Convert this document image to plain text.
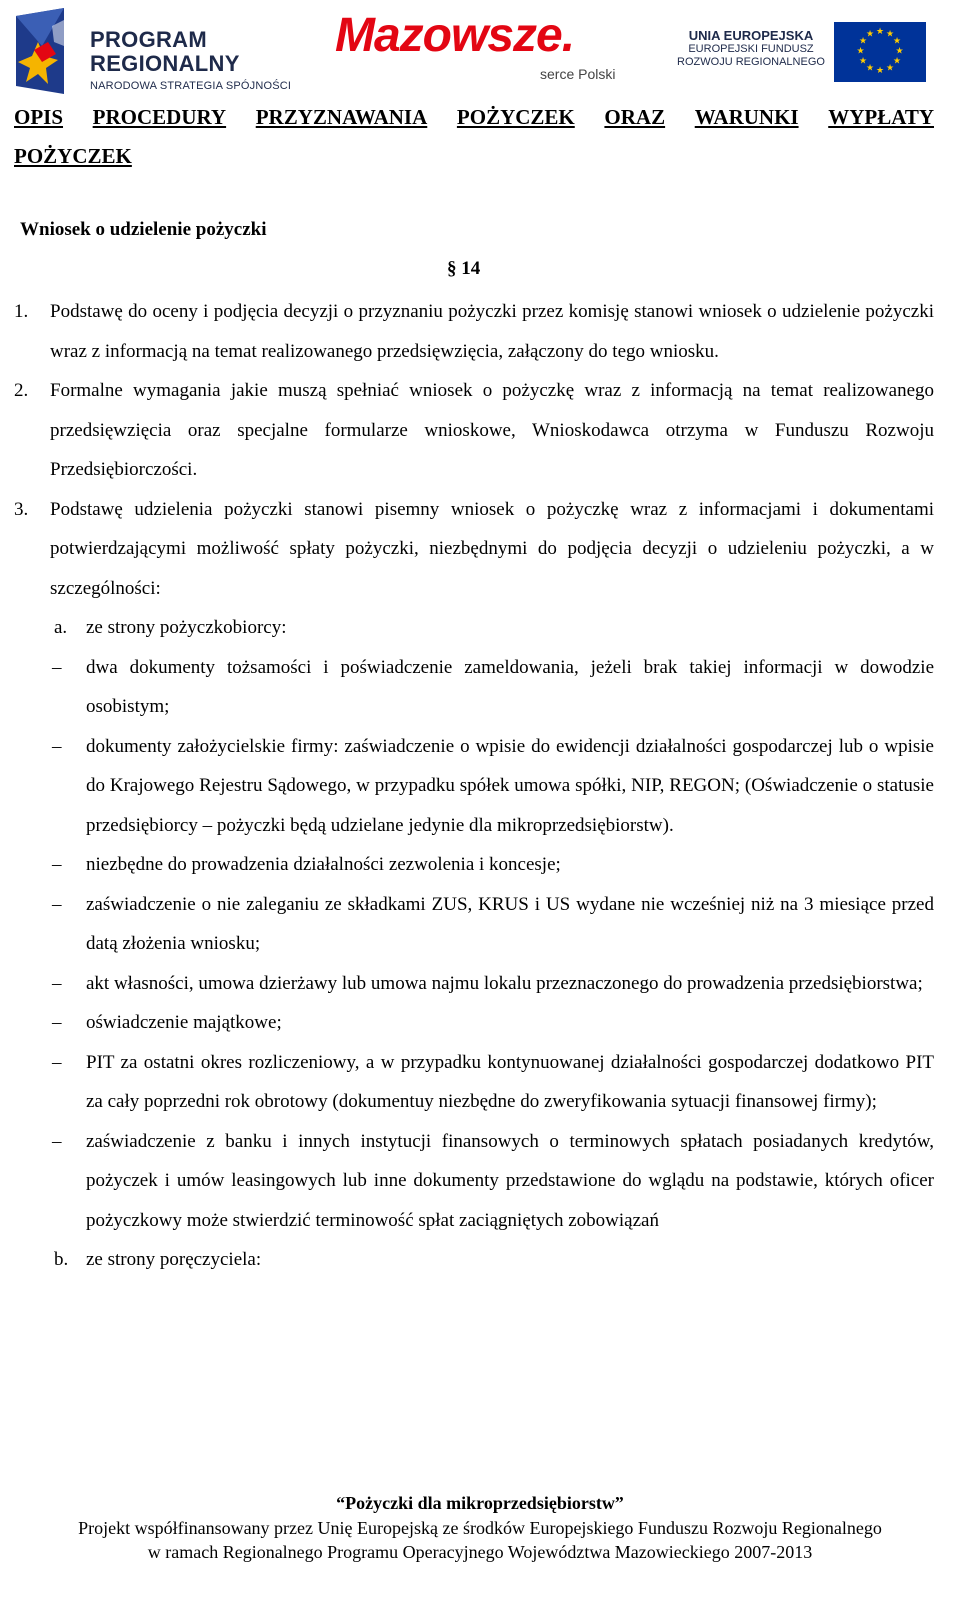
PROGRAM
REGIONALNY
NARODOWA STRATEGIA SPÓJNOŚCI
Mazowsze.
serce Polski
UNIA EUROPEJSKA
EUROPEJSKI FUNDUSZ
ROZWOJU REGIONALNEGO
★ ★
★
★
★
★
★
★
★
★
★
★
OPIS PROCEDURY PRZYZNAWANIA POŻYCZEK ORAZ WARUNKI WYPŁATY
POŻYCZEK
Wniosek o udzielenie pożyczki
§ 14
1. Podstawę do oceny i podjęcia decyzji o przyznaniu pożyczki przez komisję stanowi wniosek o udzielenie pożyczki wraz z informacją na temat realizowanego przedsięwzięcia, załączony do tego wniosku.
2. Formalne wymagania jakie muszą spełniać wniosek o pożyczkę wraz z informacją na temat realizowanego przedsięwzięcia oraz specjalne formularze wnioskowe, Wnioskodawca otrzyma w Funduszu Rozwoju Przedsiębiorczości.
3. Podstawę udzielenia pożyczki stanowi pisemny wniosek o pożyczkę wraz z informacjami i dokumentami potwierdzającymi możliwość spłaty pożyczki, niezbędnymi do podjęcia decyzji o udzieleniu pożyczki, a w szczególności:
a. ze strony pożyczkobiorcy:
– dwa dokumenty tożsamości i poświadczenie zameldowania, jeżeli brak takiej informacji w dowodzie osobistym;
– dokumenty założycielskie firmy: zaświadczenie o wpisie do ewidencji działalności gospodarczej lub o wpisie do Krajowego Rejestru Sądowego, w przypadku spółek umowa spółki, NIP, REGON; (Oświadczenie o statusie przedsiębiorcy – pożyczki będą udzielane jedynie dla mikroprzedsiębiorstw).
– niezbędne do prowadzenia działalności zezwolenia i koncesje;
– zaświadczenie o nie zaleganiu ze składkami ZUS, KRUS i US wydane nie wcześniej niż na 3 miesiące przed datą złożenia wniosku;
– akt własności, umowa dzierżawy lub umowa najmu lokalu przeznaczonego do prowadzenia przedsiębiorstwa;
– oświadczenie majątkowe;
– PIT za ostatni okres rozliczeniowy, a w przypadku kontynuowanej działalności gospodarczej dodatkowo PIT za cały poprzedni rok obrotowy (dokumentuy niezbędne do zweryfikowania sytuacji finansowej firmy);
– zaświadczenie z banku i innych instytucji finansowych o terminowych spłatach posiadanych kredytów, pożyczek i umów leasingowych lub inne dokumenty przedstawione do wglądu na podstawie, których oficer pożyczkowy może stwierdzić terminowość spłat zaciągniętych zobowiązań
b. ze strony poręczyciela:
“Pożyczki dla mikroprzedsiębiorstw”
Projekt współfinansowany przez Unię Europejską ze środków Europejskiego Funduszu Rozwoju Regionalnego
w ramach Regionalnego Programu Operacyjnego Województwa Mazowieckiego 2007-2013
